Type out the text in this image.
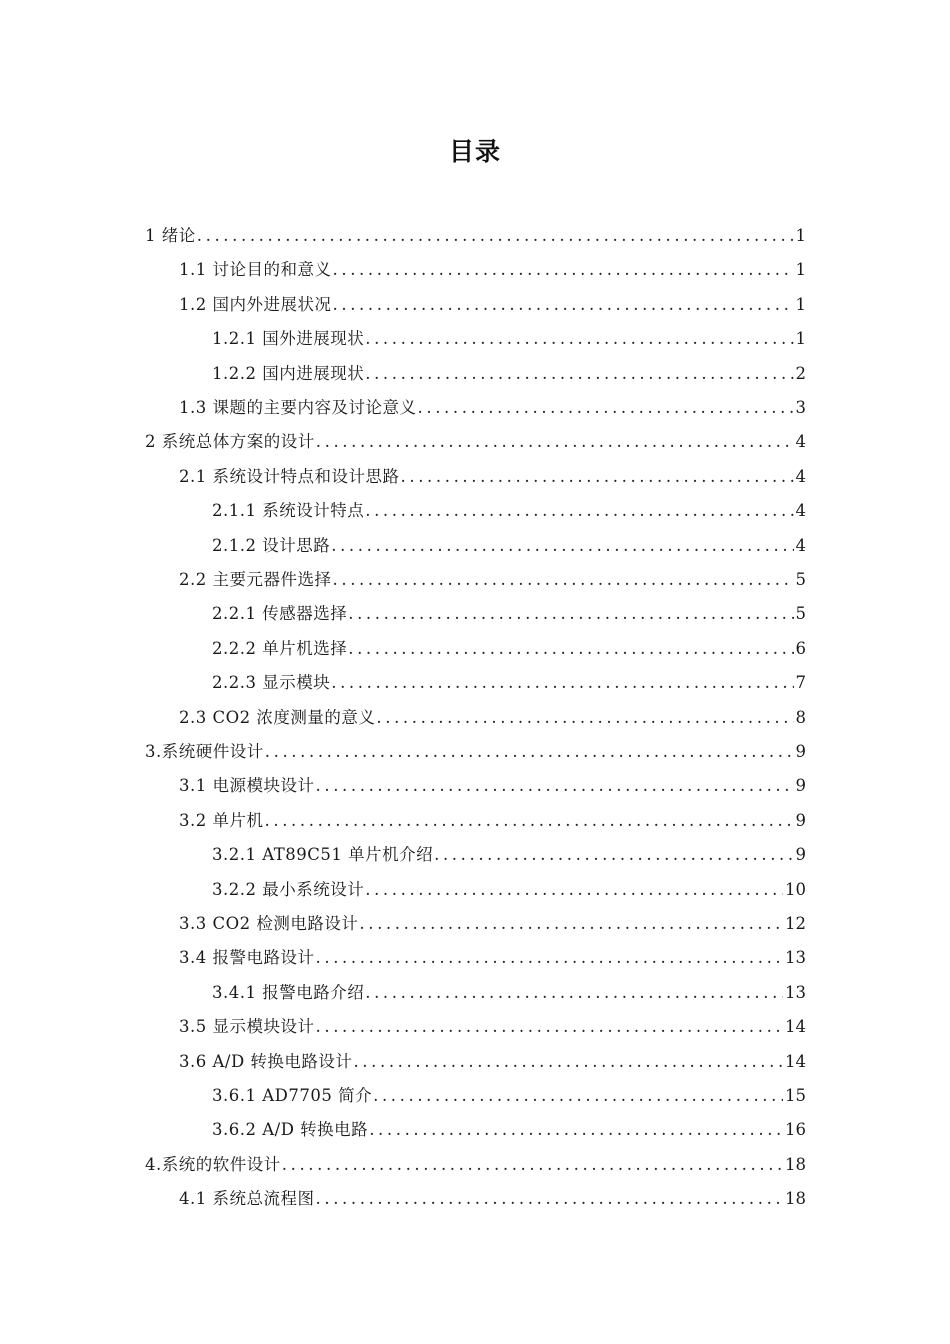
目录
1 绪论 .....	1
1.1 讨论目的和意义 .....	1
1.2 国内外进展状况 .....	1
1.2.1 国外进展现状 .....	1
1.2.2 国内进展现状 .....	2
1.3 课题的主要内容及讨论意义 .....	3
2 系统总体方案的设计 .....	4
2.1 系统设计特点和设计思路 .....	4
2.1.1 系统设计特点 .....	4
2.1.2 设计思路 .....	4
2.2 主要元器件选择 .....	5
2.2.1 传感器选择 .....	5
2.2.2 单片机选择 .....	6
2.2.3 显示模块 .....	7
2.3 CO2 浓度测量的意义 .....	8
3.系统硬件设计 .....	9
3.1 电源模块设计 .....	9
3.2 单片机 .....	9
3.2.1 AT89C51 单片机介绍 .....	9
3.2.2 最小系统设计 .....	10
3.3 CO2 检测电路设计 .....	12
3.4 报警电路设计 .....	13
3.4.1 报警电路介绍 .....	13
3.5 显示模块设计 .....	14
3.6 A/D 转换电路设计 .....	14
3.6.1 AD7705 简介 .....	15
3.6.2 A/D 转换电路 .....	16
4.系统的软件设计 .....	18
4.1 系统总流程图 .....	18
